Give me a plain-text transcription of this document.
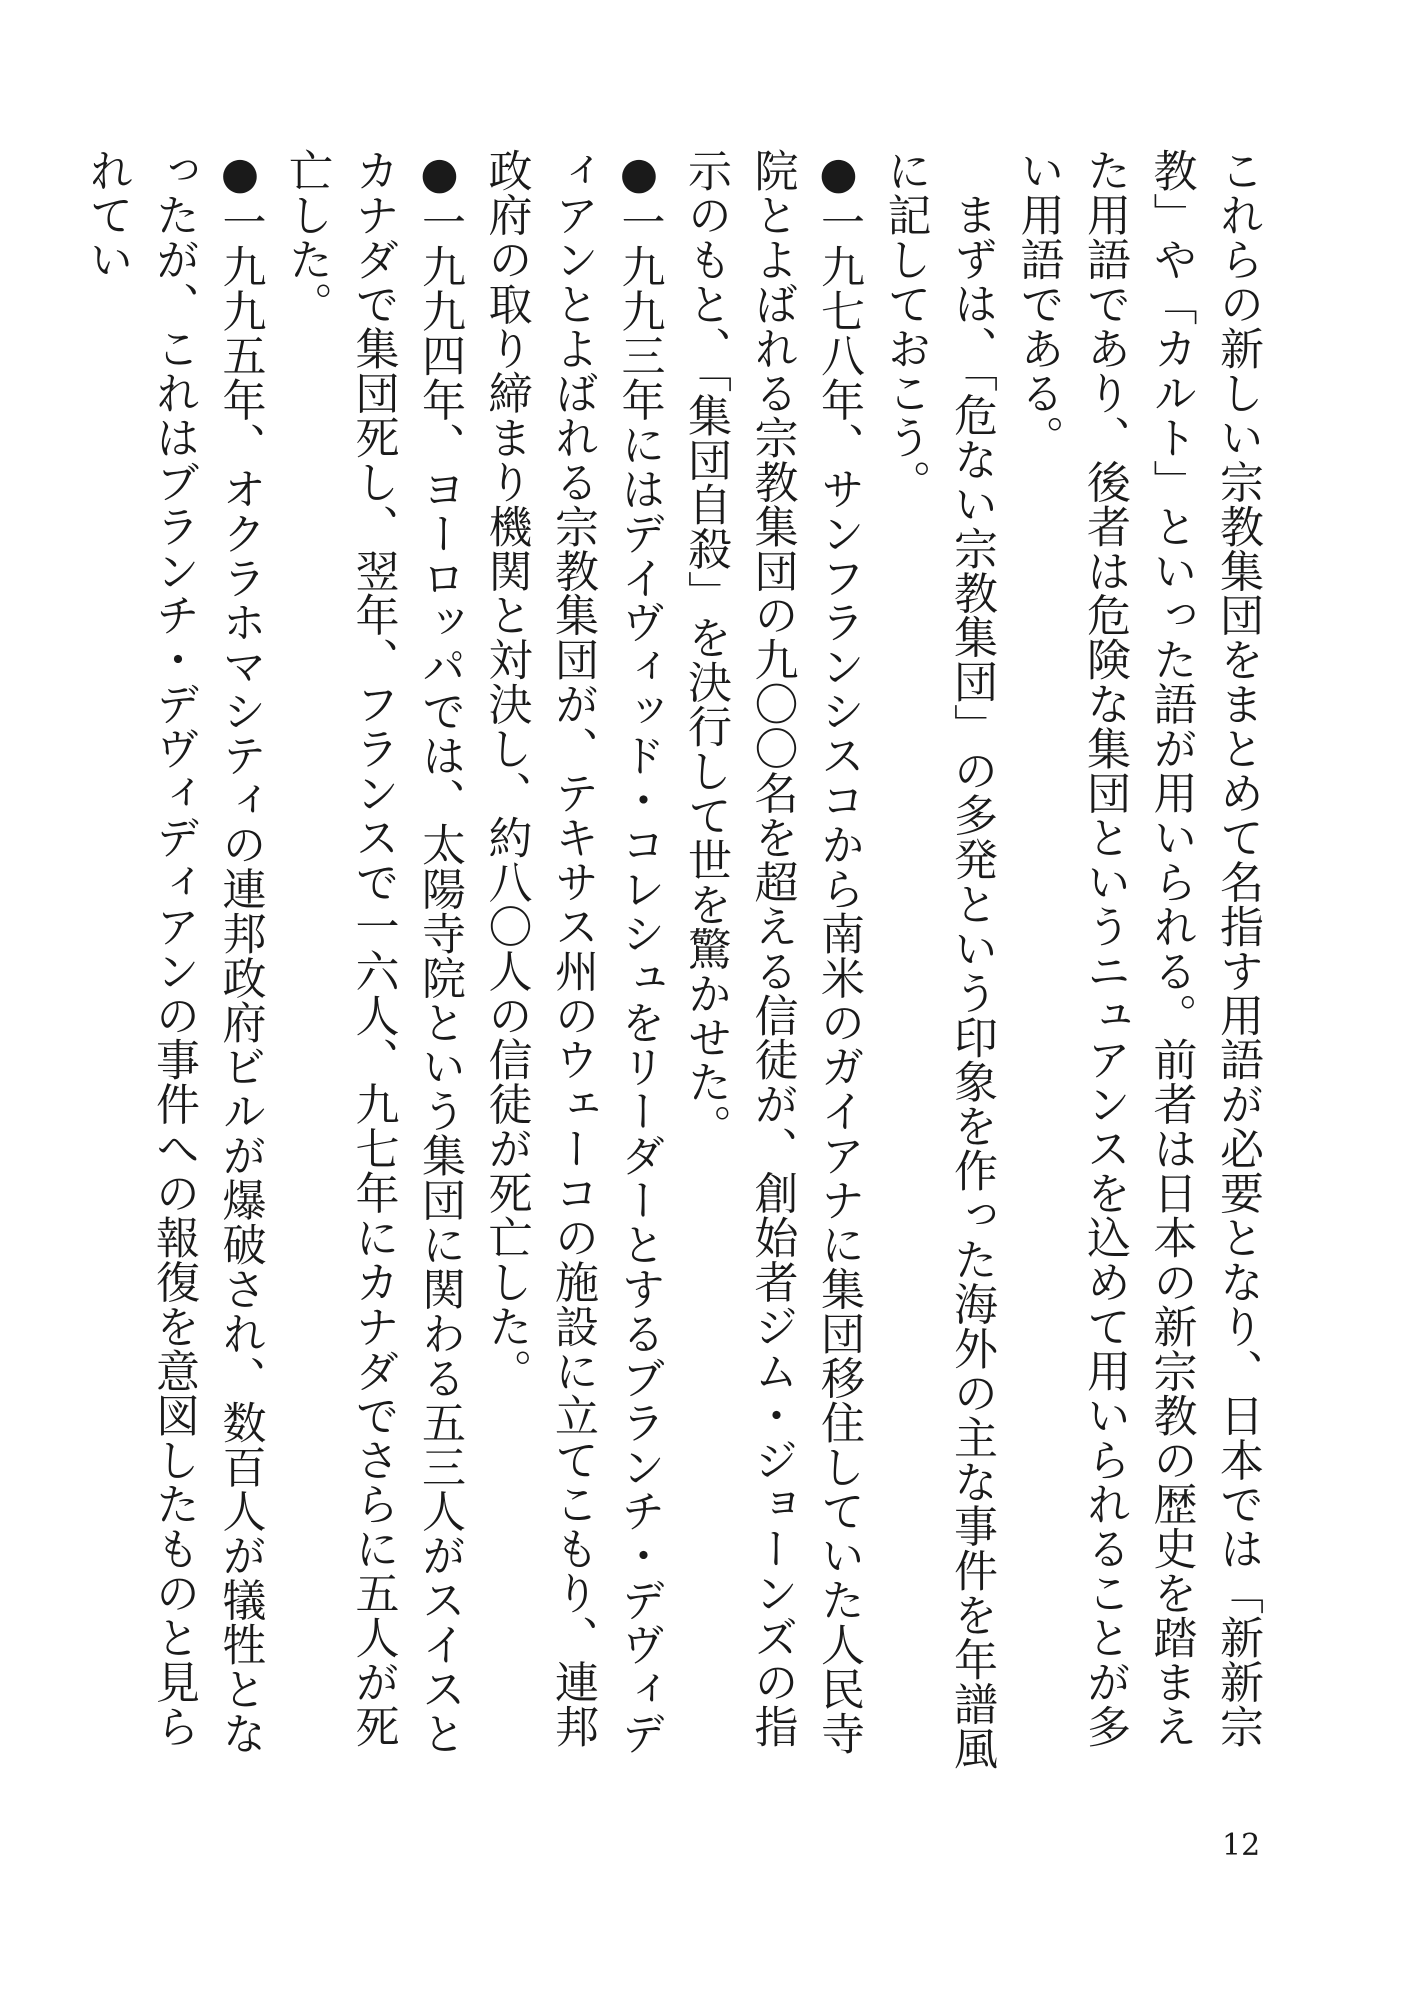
これらの新しい宗教集団をまとめて名指す用語が必要となり、日本では「新新宗教」や「カルト」といった語が用いられる。前者は日本の新宗教の歴史を踏まえた用語であり、後者は危険な集団というニュアンスを込めて用いられることが多い用語である。

まずは、「危ない宗教集団」の多発という印象を作った海外の主な事件を年譜風に記しておこう。

●一九七八年、サンフランシスコから南米のガイアナに集団移住していた人民寺院とよばれる宗教集団の九〇〇名を超える信徒が、創始者ジム・ジョーンズの指示のもと、「集団自殺」を決行して世を驚かせた。

●一九九三年にはデイヴィッド・コレシュをリーダーとするブランチ・デヴィディアンとよばれる宗教集団が、テキサス州のウェーコの施設に立てこもり、連邦政府の取り締まり機関と対決し、約八〇人の信徒が死亡した。

●一九九四年、ヨーロッパでは、太陽寺院という集団に関わる五三人がスイスとカナダで集団死し、翌年、フランスで一六人、九七年にカナダでさらに五人が死亡した。

●一九九五年、オクラホマシティの連邦政府ビルが爆破され、数百人が犠牲となったが、これはブランチ・デヴィディアンの事件への報復を意図したものと見られてい

12
